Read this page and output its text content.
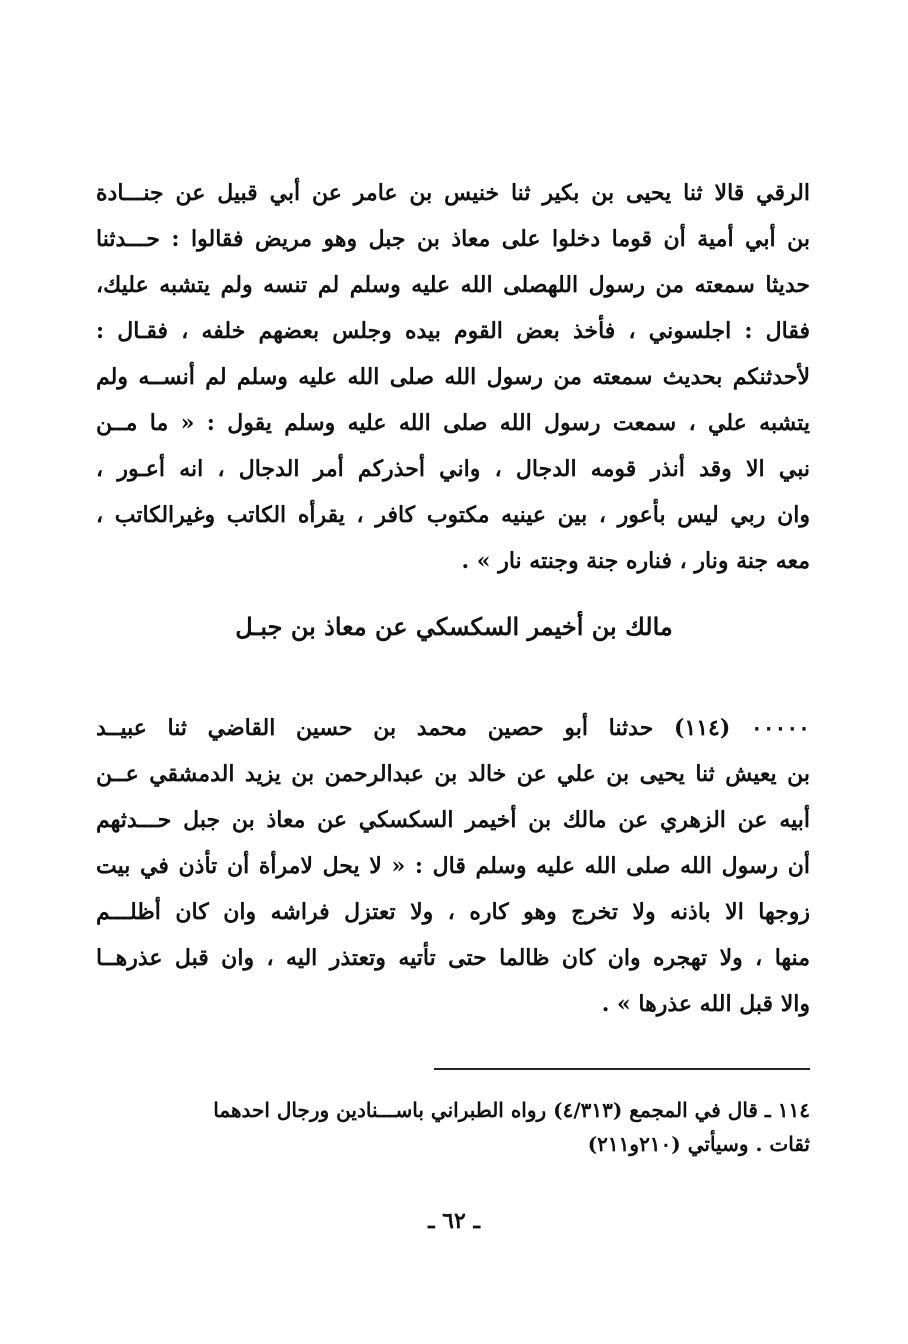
الرقي قالا ثنا يحيى بن بكير ثنا خنيس بن عامر عن أبي قبيل عن جنـــادة
بن أبي أمية أن قوما دخلوا على معاذ بن جبل وهو مريض فقالوا : حـــدثنا
حديثا سمعته من رسول اللهصلى الله عليه وسلم لم تنسه ولم يتشبه عليك،
فقال : اجلسوني ، فأخذ بعض القوم بيده وجلس بعضهم خلفه ، فقـال :
لأحدثنكم بحديث سمعته من رسول الله صلى الله عليه وسلم لم أنســه ولم
يتشبه علي ، سمعت رسول الله صلى الله عليه وسلم يقول : « ما مــن
نبي الا وقد أنذر قومه الدجال ، واني أحذركم أمر الدجال ، انه أعـور ،
وان ربي ليس بأعور ، بين عينيه مكتوب كافر ، يقرأه الكاتب وغيرالكاتب ،
معه جنة ونار ، فناره جنة وجنته نار » .
مالك بن أخيمر السكسكي عن معاذ بن جبـل
٠٠٠٠٠ (١١٤) حدثنا أبو حصين محمد بن حسين القاضي ثنا عبيــد
بن يعيش ثنا يحيى بن علي عن خالد بن عبدالرحمن بن يزيد الدمشقي عــن
أبيه عن الزهري عن مالك بن أخيمر السكسكي عن معاذ بن جبل حـــدثهم
أن رسول الله صلى الله عليه وسلم قال : « لا يحل لامرأة أن تأذن في بيت
زوجها الا باذنه ولا تخرج وهو كاره ، ولا تعتزل فراشه وان كان أظلـــم
منها ، ولا تهجره وان كان ظالما حتى تأتيه وتعتذر اليه ، وان قبل عذرهــا
والا قبل الله عذرها » .
١١٤ ـ قال في المجمع (٤/٣١٣) رواه الطبراني باســـنادين ورجال احدهما
ثقات . وسيأتي (٢١٠و٢١١)
ـ ٦٢ ـ
